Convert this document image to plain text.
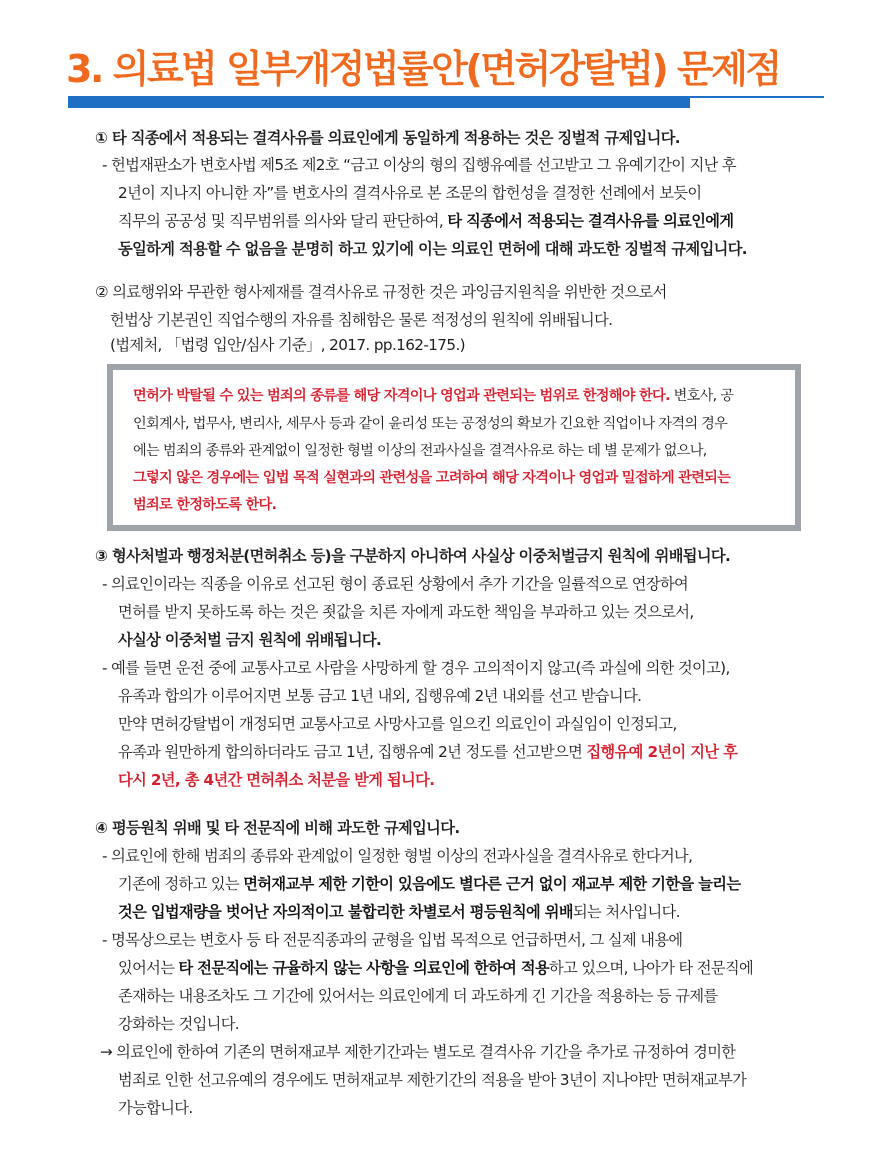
3. 의료법 일부개정법률안(면허강탈법) 문제점
① 타 직종에서 적용되는 결격사유를 의료인에게 동일하게 적용하는 것은 징벌적 규제입니다.
- 헌법재판소가 변호사법 제5조 제2호 “금고 이상의 형의 집행유예를 선고받고 그 유예기간이 지난 후
2년이 지나지 아니한 자”를 변호사의 결격사유로 본 조문의 합헌성을 결정한 선례에서 보듯이
직무의 공공성 및 직무범위를 의사와 달리 판단하여, 타 직종에서 적용되는 결격사유를 의료인에게
동일하게 적용할 수 없음을 분명히 하고 있기에 이는 의료인 면허에 대해 과도한 징벌적 규제입니다.
② 의료행위와 무관한 형사제재를 결격사유로 규정한 것은 과잉금지원칙을 위반한 것으로서
헌법상 기본권인 직업수행의 자유를 침해함은 물론 적정성의 원칙에 위배됩니다.
(법제처, 「법령 입안/심사 기준」, 2017. pp.162-175.)
면허가 박탈될 수 있는 범죄의 종류를 해당 자격이나 영업과 관련되는 범위로 한정해야 한다. 변호사, 공
인회계사, 법무사, 변리사, 세무사 등과 같이 윤리성 또는 공정성의 확보가 긴요한 직업이나 자격의 경우
에는 범죄의 종류와 관계없이 일정한 형벌 이상의 전과사실을 결격사유로 하는 데 별 문제가 없으나,
그렇지 않은 경우에는 입법 목적 실현과의 관련성을 고려하여 해당 자격이나 영업과 밀접하게 관련되는
범죄로 한정하도록 한다.
③ 형사처벌과 행정처분(면허취소 등)을 구분하지 아니하여 사실상 이중처벌금지 원칙에 위배됩니다.
- 의료인이라는 직종을 이유로 선고된 형이 종료된 상황에서 추가 기간을 일률적으로 연장하여
면허를 받지 못하도록 하는 것은 죗값을 치른 자에게 과도한 책임을 부과하고 있는 것으로서,
사실상 이중처벌 금지 원칙에 위배됩니다.
- 예를 들면 운전 중에 교통사고로 사람을 사망하게 할 경우 고의적이지 않고(즉 과실에 의한 것이고),
유족과 합의가 이루어지면 보통 금고 1년 내외, 집행유예 2년 내외를 선고 받습니다.
만약 면허강탈법이 개정되면 교통사고로 사망사고를 일으킨 의료인이 과실임이 인정되고,
유족과 원만하게 합의하더라도 금고 1년, 집행유예 2년 정도를 선고받으면 집행유예 2년이 지난 후
다시 2년, 총 4년간 면허취소 처분을 받게 됩니다.
④ 평등원칙 위배 및 타 전문직에 비해 과도한 규제입니다.
- 의료인에 한해 범죄의 종류와 관계없이 일정한 형벌 이상의 전과사실을 결격사유로 한다거나,
기존에 정하고 있는 면허재교부 제한 기한이 있음에도 별다른 근거 없이 재교부 제한 기한을 늘리는
것은 입법재량을 벗어난 자의적이고 불합리한 차별로서 평등원칙에 위배되는 처사입니다.
- 명목상으로는 변호사 등 타 전문직종과의 균형을 입법 목적으로 언급하면서, 그 실제 내용에
있어서는 타 전문직에는 규율하지 않는 사항을 의료인에 한하여 적용하고 있으며, 나아가 타 전문직에
존재하는 내용조차도 그 기간에 있어서는 의료인에게 더 과도하게 긴 기간을 적용하는 등 규제를
강화하는 것입니다.
→ 의료인에 한하여 기존의 면허재교부 제한기간과는 별도로 결격사유 기간을 추가로 규정하여 경미한
범죄로 인한 선고유예의 경우에도 면허재교부 제한기간의 적용을 받아 3년이 지나야만 면허재교부가
가능합니다.
